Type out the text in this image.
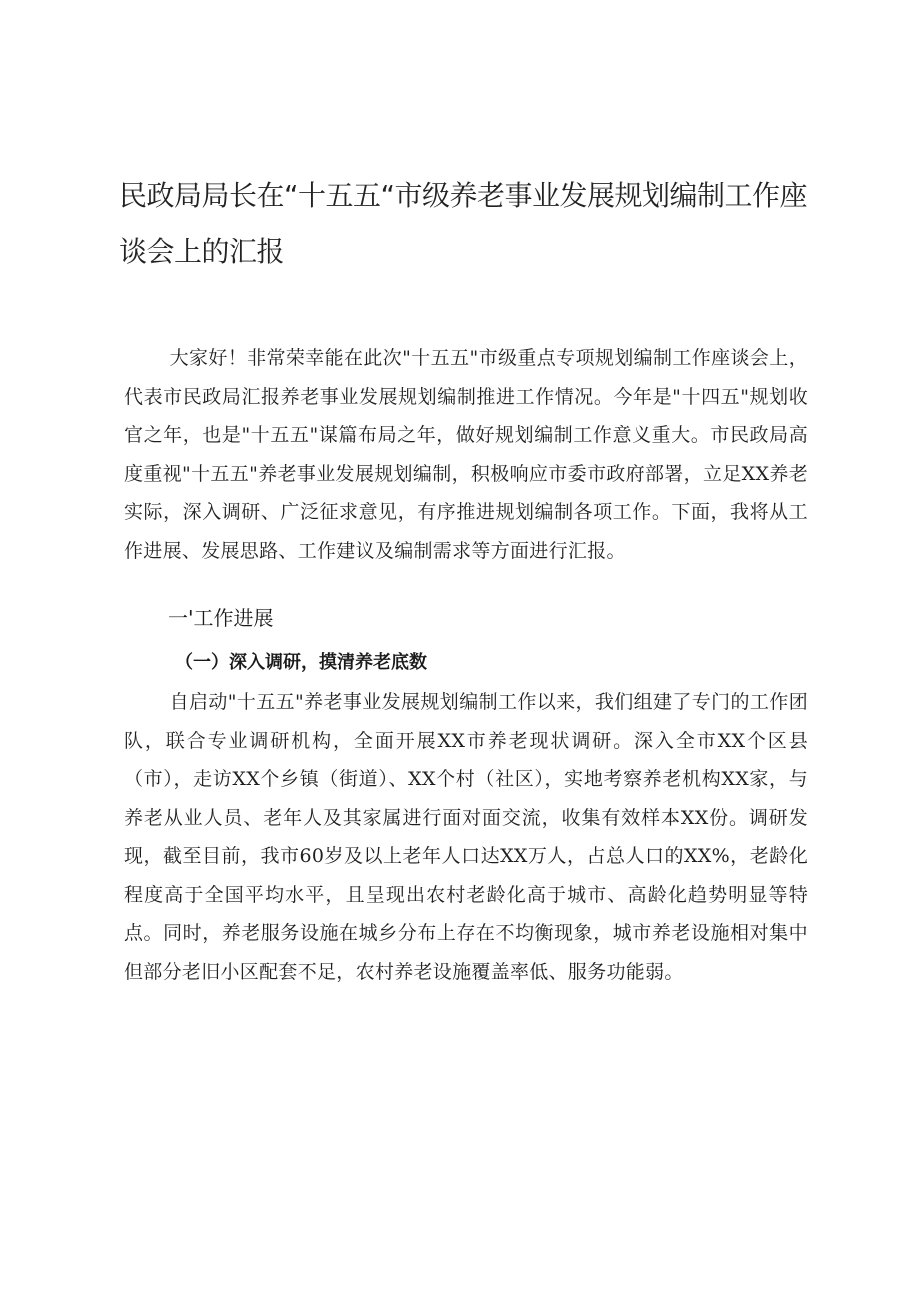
民政局局长在“十五五“市级养老事业发展规划编制工作座谈会上的汇报

大家好！非常荣幸能在此次"十五五"市级重点专项规划编制工作座谈会上，代表市民政局汇报养老事业发展规划编制推进工作情况。今年是"十四五"规划收官之年，也是"十五五"谋篇布局之年，做好规划编制工作意义重大。市民政局高度重视"十五五"养老事业发展规划编制，积极响应市委市政府部署，立足XX养老实际，深入调研、广泛征求意见，有序推进规划编制各项工作。下面，我将从工作进展、发展思路、工作建议及编制需求等方面进行汇报。

一'工作进展
（一）深入调研，摸清养老底数

自启动"十五五"养老事业发展规划编制工作以来，我们组建了专门的工作团队，联合专业调研机构，全面开展XX市养老现状调研。深入全市XX个区县（市），走访XX个乡镇（街道）、XX个村（社区），实地考察养老机构XX家，与养老从业人员、老年人及其家属进行面对面交流，收集有效样本XX份。调研发现，截至目前，我市60岁及以上老年人口达XX万人，占总人口的XX%，老龄化程度高于全国平均水平，且呈现出农村老龄化高于城市、高龄化趋势明显等特点。同时，养老服务设施在城乡分布上存在不均衡现象，城市养老设施相对集中但部分老旧小区配套不足，农村养老设施覆盖率低、服务功能弱。
